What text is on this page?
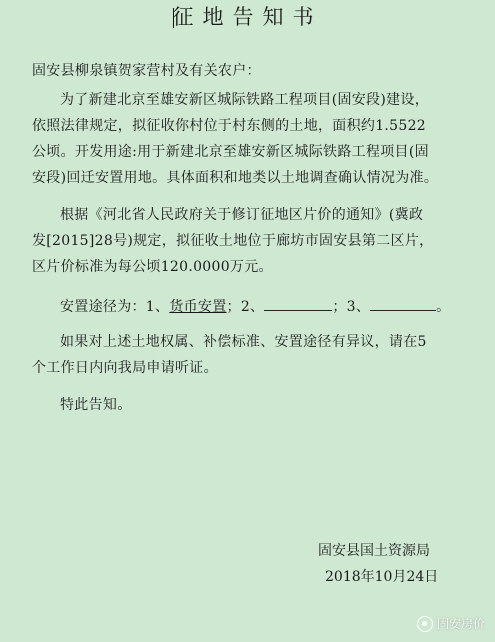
征地告知书
固安县柳泉镇贺家营村及有关农户：
为了新建北京至雄安新区城际铁路工程项目(固安段)建设，
依照法律规定，拟征收你村位于村东侧的土地，面积约1.5522
公顷。开发用途:用于新建北京至雄安新区城际铁路工程项目(固
安段)回迁安置用地。具体面积和地类以土地调查确认情况为准。
根据《河北省人民政府关于修订征地区片价的通知》(冀政
发[2015]28号)规定，拟征收土地位于廊坊市固安县第二区片，
区片价标准为每公顷120.0000万元。
安置途径为：1、货币安置；2、	；3、	。
如果对上述土地权属、补偿标准、安置途径有异议，请在5
个工作日内向我局申请听证。
特此告知。
固安县国土资源局
2018年10月24日
固安房价
